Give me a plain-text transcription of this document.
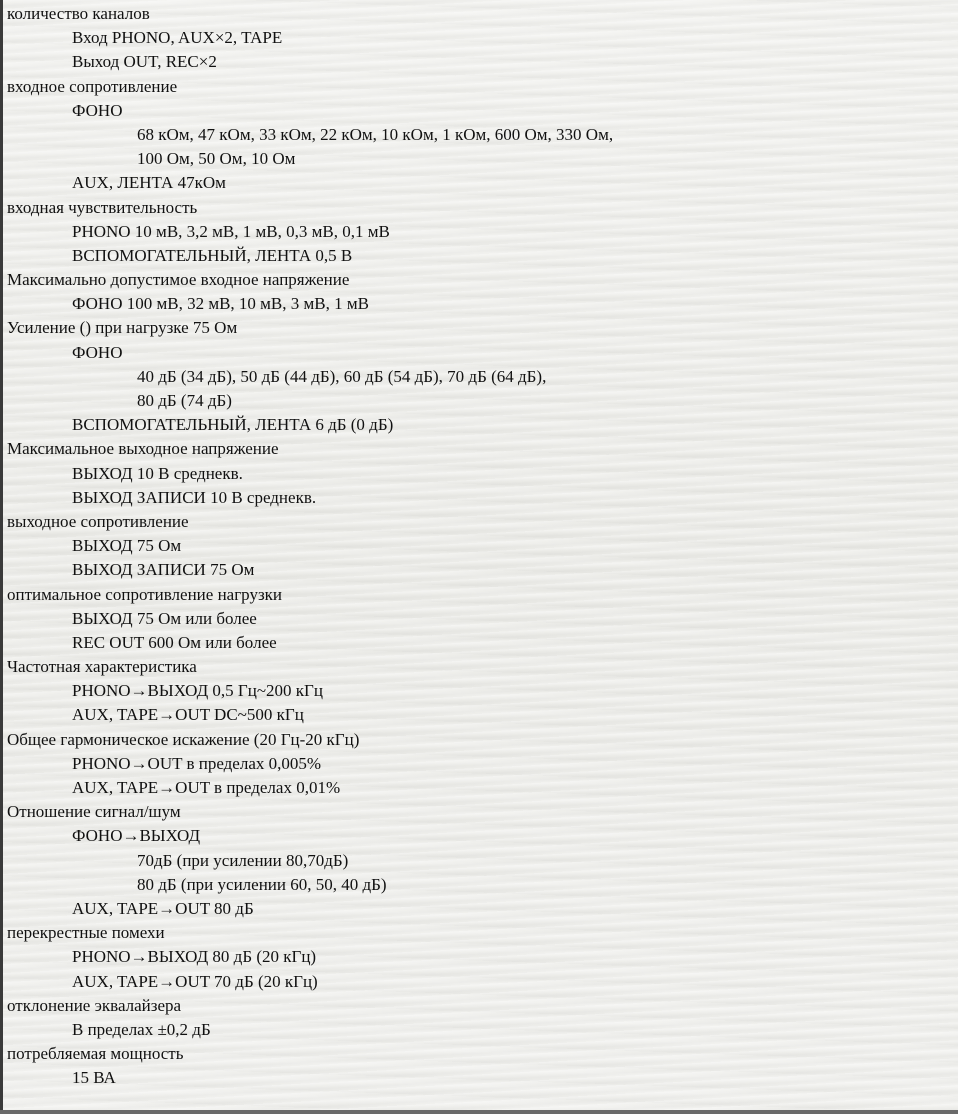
количество каналов
Вход PHONO, AUX×2, TAPE
Выход OUT, REC×2
входное сопротивление
ФОНО
68 кОм, 47 кОм, 33 кОм, 22 кОм, 10 кОм, 1 кОм, 600 Ом, 330 Ом,
100 Ом, 50 Ом, 10 Ом
AUX, ЛЕНТА 47кОм
входная чувствительность
PHONO 10 мВ, 3,2 мВ, 1 мВ, 0,3 мВ, 0,1 мВ
ВСПОМОГАТЕЛЬНЫЙ, ЛЕНТА 0,5 В
Максимально допустимое входное напряжение
ФОНО 100 мВ, 32 мВ, 10 мВ, 3 мВ, 1 мВ
Усиление () при нагрузке 75 Ом
ФОНО
40 дБ (34 дБ), 50 дБ (44 дБ), 60 дБ (54 дБ), 70 дБ (64 дБ),
80 дБ (74 дБ)
ВСПОМОГАТЕЛЬНЫЙ, ЛЕНТА 6 дБ (0 дБ)
Максимальное выходное напряжение
ВЫХОД 10 В среднекв.
ВЫХОД ЗАПИСИ 10 В среднекв.
выходное сопротивление
ВЫХОД 75 Ом
ВЫХОД ЗАПИСИ 75 Ом
оптимальное сопротивление нагрузки
ВЫХОД 75 Ом или более
REC OUT 600 Ом или более
Частотная характеристика
PHONO→ВЫХОД 0,5 Гц~200 кГц
AUX, TAPE→OUT DC~500 кГц
Общее гармоническое искажение (20 Гц-20 кГц)
PHONO→OUT в пределах 0,005%
AUX, TAPE→OUT в пределах 0,01%
Отношение сигнал/шум
ФОНО→ВЫХОД
70дБ (при усилении 80,70дБ)
80 дБ (при усилении 60, 50, 40 дБ)
AUX, TAPE→OUT 80 дБ
перекрестные помехи
PHONO→ВЫХОД 80 дБ (20 кГц)
AUX, TAPE→OUT 70 дБ (20 кГц)
отклонение эквалайзера
В пределах ±0,2 дБ
потребляемая мощность
15 ВА
